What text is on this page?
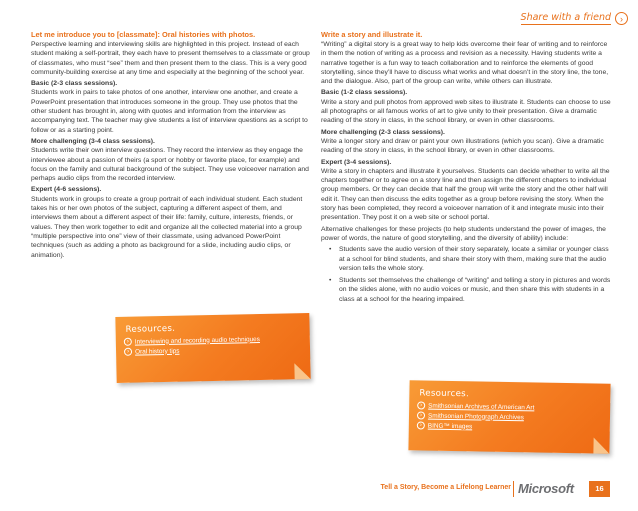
Share with a friend	›

Let me introduce you to [classmate]: Oral histories with photos.

Perspective learning and interviewing skills are highlighted in this project. Instead of each student making a self-portrait, they each have to present themselves to a classmate or group of classmates, who must “see” them and then present them to the class. This is a very good community-building exercise at any time and especially at the beginning of the school year.

Basic (2-3 class sessions).

Students work in pairs to take photos of one another, interview one another, and create a PowerPoint presentation that introduces someone in the group. They use photos that the other student has brought in, along with quotes and information from the interview as accompanying text. The teacher may give students a list of interview questions as a script to follow or as a starting point.

More challenging (3-4 class sessions).

Students write their own interview questions. They record the interview as they engage the interviewee about a passion of theirs (a sport or hobby or favorite place, for example) and focus on the family and cultural background of the subject. They use voiceover narration and perhaps audio clips from the recorded interview.

Expert (4-6 sessions).

Students work in groups to create a group portrait of each individual student. Each student takes his or her own photos of the subject, capturing a different aspect of them, and interviews them about a different aspect of their life: family, culture, interests, friends, or values. They then work together to edit and organize all the collected material into a group “multiple perspective into one” view of their classmate, using advanced PowerPoint techniques (such as adding a photo as background for a slide, including audio clips, or animation).

Write a story and illustrate it.

“Writing” a digital story is a great way to help kids overcome their fear of writing and to reinforce in them the notion of writing as a process and revision as a necessity. Having students write a narrative together is a fun way to teach collaboration and to reinforce the elements of good storytelling, since they’ll have to discuss what works and what doesn’t in the story line, the tone, and the dialogue. Also, part of the group can write, while others can illustrate.

Basic (1-2 class sessions).

Write a story and pull photos from approved web sites to illustrate it. Students can choose to use all photographs or all famous works of art to give unity to their presentation. Give a dramatic reading of the story in class, in the school library, or even in other classrooms.

More challenging (2-3 class sessions).

Write a longer story and draw or paint your own illustrations (which you scan). Give a dramatic reading of the story in class, in the school library, or even in other classrooms.

Expert (3-4 sessions).

Write a story in chapters and illustrate it yourselves. Students can decide whether to write all the chapters together or to agree on a story line and then assign the different chapters to individual group members. Or they can decide that half the group will write the story and the other half will edit it. They can then discuss the edits together as a group before revising the story. When the story has been completed, they record a voiceover narration of it and integrate music into their presentation. They post it on a web site or school portal.

Alternative challenges for these projects (to help students understand the power of images, the power of words, the nature of good storytelling, and the diversity of ability) include:

• Students save the audio version of their story separately, locate a similar or younger class at a school for blind students, and share their story with them, making sure that the audio version tells the whole story.
• Students set themselves the challenge of “writing” and telling a story in pictures and words on the slides alone, with no audio voices or music, and then share this with students in a class at a school for the hearing impaired.
Resources.
› Interviewing and recording audio techniques
› Oral history tips
Resources.
› Smithsonian Archives of American Art
› Smithsonian Photograph Archives
› BING™ images
Tell a Story, Become a Lifelong Learner Microsoft	16
